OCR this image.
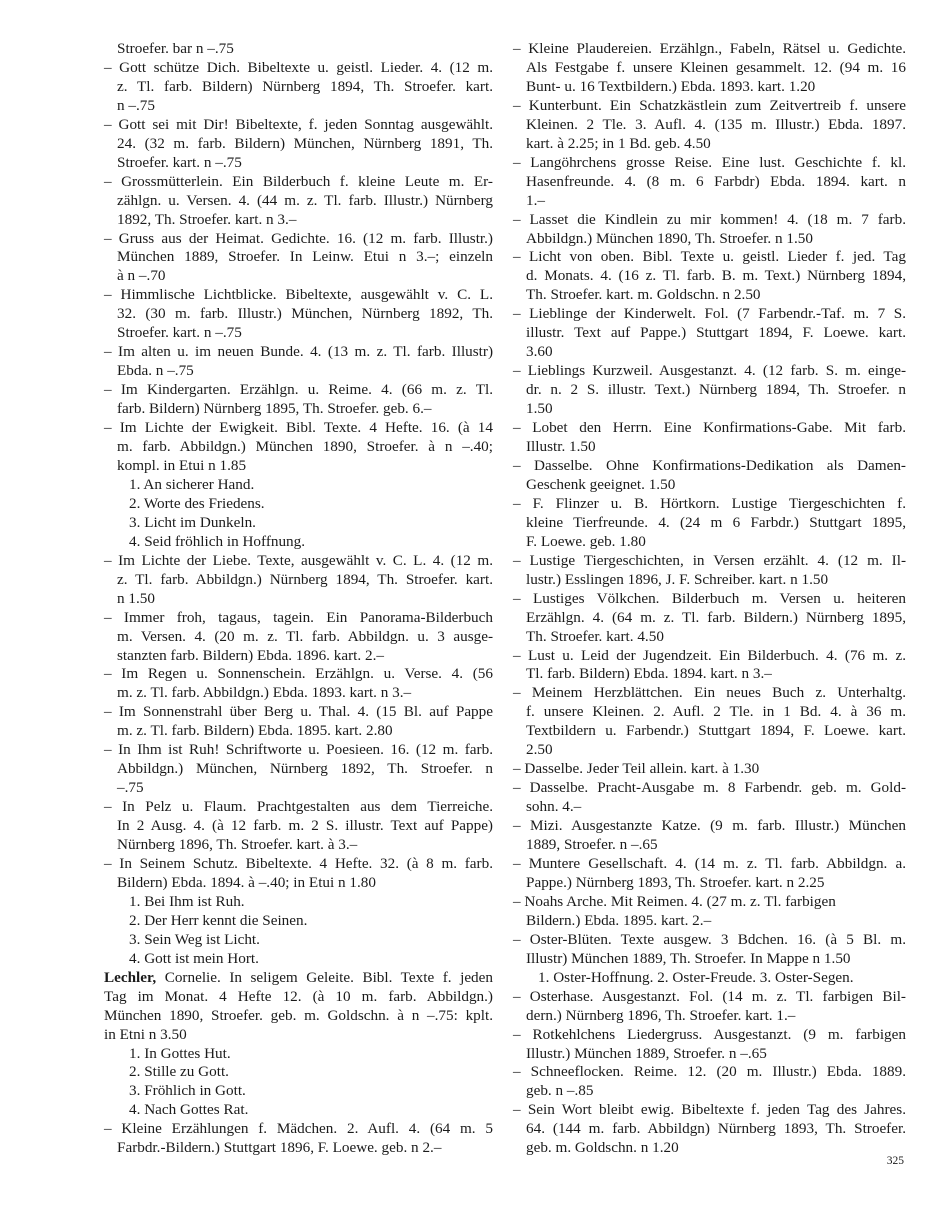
Stroefer. bar n –.75
– Gott schütze Dich. Bibeltexte u. geistl. Lieder. 4. (12 m.
z. Tl. farb. Bildern) Nürnberg 1894, Th. Stroefer. kart.
n –.75
– Gott sei mit Dir! Bibeltexte, f. jeden Sonntag ausgewählt.
24. (32 m. farb. Bildern) München, Nürnberg 1891, Th.
Stroefer. kart. n –.75
– Grossmütterlein. Ein Bilderbuch f. kleine Leute m. Er-
zählgn. u. Versen. 4. (44 m. z. Tl. farb. Illustr.) Nürnberg
1892, Th. Stroefer. kart. n 3.–
– Gruss aus der Heimat. Gedichte. 16. (12 m. farb. Illustr.)
München 1889, Stroefer. In Leinw. Etui n 3.–; einzeln
à n –.70
– Himmlische Lichtblicke. Bibeltexte, ausgewählt v. C. L.
32. (30 m. farb. Illustr.) München, Nürnberg 1892, Th.
Stroefer. kart. n –.75
– Im alten u. im neuen Bunde. 4. (13 m. z. Tl. farb. Illustr)
Ebda. n –.75
– Im Kindergarten. Erzählgn. u. Reime. 4. (66 m. z. Tl.
farb. Bildern) Nürnberg 1895, Th. Stroefer. geb. 6.–
– Im Lichte der Ewigkeit. Bibl. Texte. 4 Hefte. 16. (à 14
m. farb. Abbildgn.) München 1890, Stroefer. à n –.40;
kompl. in Etui n 1.85
1. An sicherer Hand.
2. Worte des Friedens.
3. Licht im Dunkeln.
4. Seid fröhlich in Hoffnung.
– Im Lichte der Liebe. Texte, ausgewählt v. C. L. 4. (12 m.
z. Tl. farb. Abbildgn.) Nürnberg 1894, Th. Stroefer. kart.
n 1.50
– Immer froh, tagaus, tagein. Ein Panorama-Bilderbuch
m. Versen. 4. (20 m. z. Tl. farb. Abbildgn. u. 3 ausge-
stanzten farb. Bildern) Ebda. 1896. kart. 2.–
– Im Regen u. Sonnenschein. Erzählgn. u. Verse. 4. (56
m. z. Tl. farb. Abbildgn.) Ebda. 1893. kart. n 3.–
– Im Sonnenstrahl über Berg u. Thal. 4. (15 Bl. auf Pappe
m. z. Tl. farb. Bildern) Ebda. 1895. kart. 2.80
– In Ihm ist Ruh! Schriftworte u. Poesieen. 16. (12 m. farb.
Abbildgn.) München, Nürnberg 1892, Th. Stroefer. n
–.75
– In Pelz u. Flaum. Prachtgestalten aus dem Tierreiche.
In 2 Ausg. 4. (à 12 farb. m. 2 S. illustr. Text auf Pappe)
Nürnberg 1896, Th. Stroefer. kart. à 3.–
– In Seinem Schutz. Bibeltexte. 4 Hefte. 32. (à 8 m. farb.
Bildern) Ebda. 1894. à –.40; in Etui n 1.80
1. Bei Ihm ist Ruh.
2. Der Herr kennt die Seinen.
3. Sein Weg ist Licht.
4. Gott ist mein Hort.
Lechler, Cornelie. In seligem Geleite. Bibl. Texte f. jeden
Tag im Monat. 4 Hefte 12. (à 10 m. farb. Abbildgn.)
München 1890, Stroefer. geb. m. Goldschn. à n –.75: kplt.
in Etni n 3.50
1. In Gottes Hut.
2. Stille zu Gott.
3. Fröhlich in Gott.
4. Nach Gottes Rat.
– Kleine Erzählungen f. Mädchen. 2. Aufl. 4. (64 m. 5
Farbdr.-Bildern.) Stuttgart 1896, F. Loewe. geb. n 2.–
– Kleine Plaudereien. Erzählgn., Fabeln, Rätsel u. Gedichte.
Als Festgabe f. unsere Kleinen gesammelt. 12. (94 m. 16
Bunt- u. 16 Textbildern.) Ebda. 1893. kart. 1.20
– Kunterbunt. Ein Schatzkästlein zum Zeitvertreib f. unsere
Kleinen. 2 Tle. 3. Aufl. 4. (135 m. Illustr.) Ebda. 1897.
kart. à 2.25; in 1 Bd. geb. 4.50
– Langöhrchens grosse Reise. Eine lust. Geschichte f. kl.
Hasenfreunde. 4. (8 m. 6 Farbdr) Ebda. 1894. kart. n
1.–
– Lasset die Kindlein zu mir kommen! 4. (18 m. 7 farb.
Abbildgn.) München 1890, Th. Stroefer. n 1.50
– Licht von oben. Bibl. Texte u. geistl. Lieder f. jed. Tag
d. Monats. 4. (16 z. Tl. farb. B. m. Text.) Nürnberg 1894,
Th. Stroefer. kart. m. Goldschn. n 2.50
– Lieblinge der Kinderwelt. Fol. (7 Farbendr.-Taf. m. 7 S.
illustr. Text auf Pappe.) Stuttgart 1894, F. Loewe. kart.
3.60
– Lieblings Kurzweil. Ausgestanzt. 4. (12 farb. S. m. einge-
dr. n. 2 S. illustr. Text.) Nürnberg 1894, Th. Stroefer. n
1.50
– Lobet den Herrn. Eine Konfirmations-Gabe. Mit farb.
Illustr. 1.50
– Dasselbe. Ohne Konfirmations-Dedikation als Damen-
Geschenk geeignet. 1.50
– F. Flinzer u. B. Hörtkorn. Lustige Tiergeschichten f.
kleine Tierfreunde. 4. (24 m 6 Farbdr.) Stuttgart 1895,
F. Loewe. geb. 1.80
– Lustige Tiergeschichten, in Versen erzählt. 4. (12 m. Il-
lustr.) Esslingen 1896, J. F. Schreiber. kart. n 1.50
– Lustiges Völkchen. Bilderbuch m. Versen u. heiteren
Erzählgn. 4. (64 m. z. Tl. farb. Bildern.) Nürnberg 1895,
Th. Stroefer. kart. 4.50
– Lust u. Leid der Jugendzeit. Ein Bilderbuch. 4. (76 m. z.
Tl. farb. Bildern) Ebda. 1894. kart. n 3.–
– Meinem Herzblättchen. Ein neues Buch z. Unterhaltg.
f. unsere Kleinen. 2. Aufl. 2 Tle. in 1 Bd. 4. à 36 m.
Textbildern u. Farbendr.) Stuttgart 1894, F. Loewe. kart.
2.50
– Dasselbe. Jeder Teil allein. kart. à 1.30
– Dasselbe. Pracht-Ausgabe m. 8 Farbendr. geb. m. Gold-
sohn. 4.–
– Mizi. Ausgestanzte Katze. (9 m. farb. Illustr.) München
1889, Stroefer. n –.65
– Muntere Gesellschaft. 4. (14 m. z. Tl. farb. Abbildgn. a.
Pappe.) Nürnberg 1893, Th. Stroefer. kart. n 2.25
– Noahs Arche. Mit Reimen. 4. (27 m. z. Tl. farbigen
Bildern.) Ebda. 1895. kart. 2.–
– Oster-Blüten. Texte ausgew. 3 Bdchen. 16. (à 5 Bl. m.
Illustr) München 1889, Th. Stroefer. In Mappe n 1.50
1. Oster-Hoffnung. 2. Oster-Freude. 3. Oster-Segen.
– Osterhase. Ausgestanzt. Fol. (14 m. z. Tl. farbigen Bil-
dern.) Nürnberg 1896, Th. Stroefer. kart. 1.–
– Rotkehlchens Liedergruss. Ausgestanzt. (9 m. farbigen
Illustr.) München 1889, Stroefer. n –.65
– Schneeflocken. Reime. 12. (20 m. Illustr.) Ebda. 1889.
geb. n –.85
– Sein Wort bleibt ewig. Bibeltexte f. jeden Tag des Jahres.
64. (144 m. farb. Abbildgn) Nürnberg 1893, Th. Stroefer.
geb. m. Goldschn. n 1.20
325
